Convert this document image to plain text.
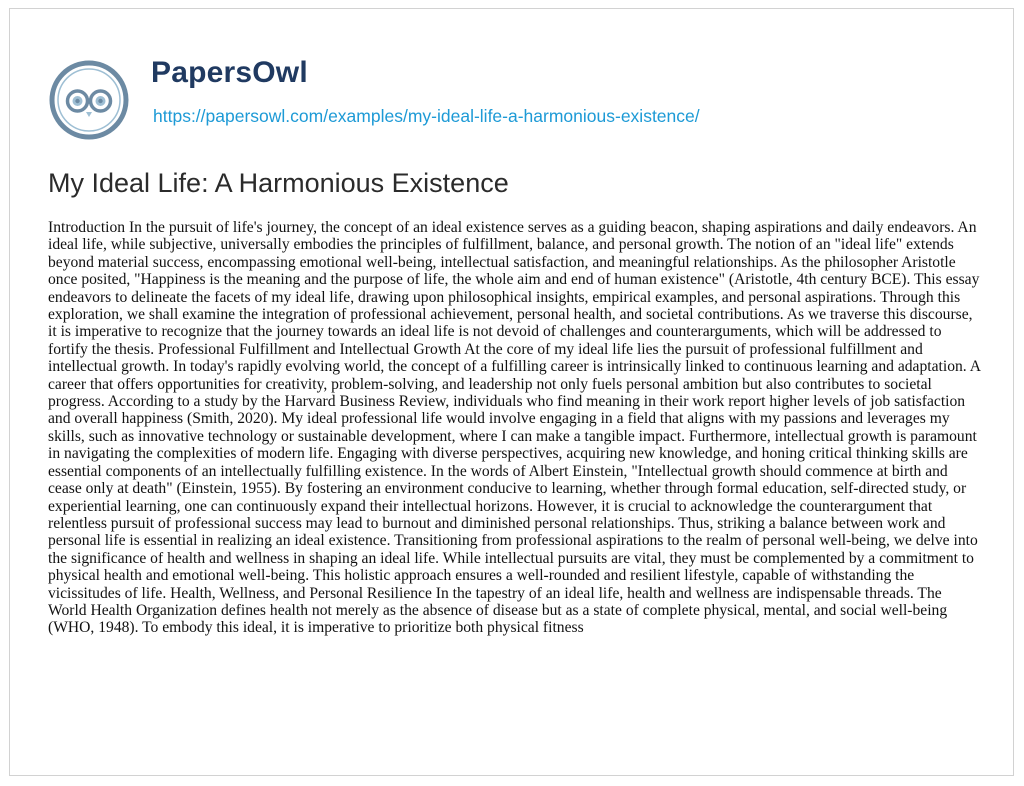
PapersOwl
https://papersowl.com/examples/my-ideal-life-a-harmonious-existence/
My Ideal Life: A Harmonious Existence

Introduction In the pursuit of life's journey, the concept of an ideal existence serves as a guiding beacon, shaping aspirations and daily endeavors. An ideal life, while subjective, universally embodies the principles of fulfillment, balance, and personal growth. The notion of an "ideal life" extends beyond material success, encompassing emotional well-being, intellectual satisfaction, and meaningful relationships. As the philosopher Aristotle once posited, "Happiness is the meaning and the purpose of life, the whole aim and end of human existence" (Aristotle, 4th century BCE). This essay endeavors to delineate the facets of my ideal life, drawing upon philosophical insights, empirical examples, and personal aspirations. Through this exploration, we shall examine the integration of professional achievement, personal health, and societal contributions. As we traverse this discourse, it is imperative to recognize that the journey towards an ideal life is not devoid of challenges and counterarguments, which will be addressed to fortify the thesis. Professional Fulfillment and Intellectual Growth At the core of my ideal life lies the pursuit of professional fulfillment and intellectual growth. In today's rapidly evolving world, the concept of a fulfilling career is intrinsically linked to continuous learning and adaptation. A career that offers opportunities for creativity, problem-solving, and leadership not only fuels personal ambition but also contributes to societal progress. According to a study by the Harvard Business Review, individuals who find meaning in their work report higher levels of job satisfaction and overall happiness (Smith, 2020). My ideal professional life would involve engaging in a field that aligns with my passions and leverages my skills, such as innovative technology or sustainable development, where I can make a tangible impact. Furthermore, intellectual growth is paramount in navigating the complexities of modern life. Engaging with diverse perspectives, acquiring new knowledge, and honing critical thinking skills are essential components of an intellectually fulfilling existence. In the words of Albert Einstein, "Intellectual growth should commence at birth and cease only at death" (Einstein, 1955). By fostering an environment conducive to learning, whether through formal education, self-directed study, or experiential learning, one can continuously expand their intellectual horizons. However, it is crucial to acknowledge the counterargument that relentless pursuit of professional success may lead to burnout and diminished personal relationships. Thus, striking a balance between work and personal life is essential in realizing an ideal existence. Transitioning from professional aspirations to the realm of personal well-being, we delve into the significance of health and wellness in shaping an ideal life. While intellectual pursuits are vital, they must be complemented by a commitment to physical health and emotional well-being. This holistic approach ensures a well-rounded and resilient lifestyle, capable of withstanding the vicissitudes of life. Health, Wellness, and Personal Resilience In the tapestry of an ideal life, health and wellness are indispensable threads. The World Health Organization defines health not merely as the absence of disease but as a state of complete physical, mental, and social well-being (WHO, 1948). To embody this ideal, it is imperative to prioritize both physical fitness
